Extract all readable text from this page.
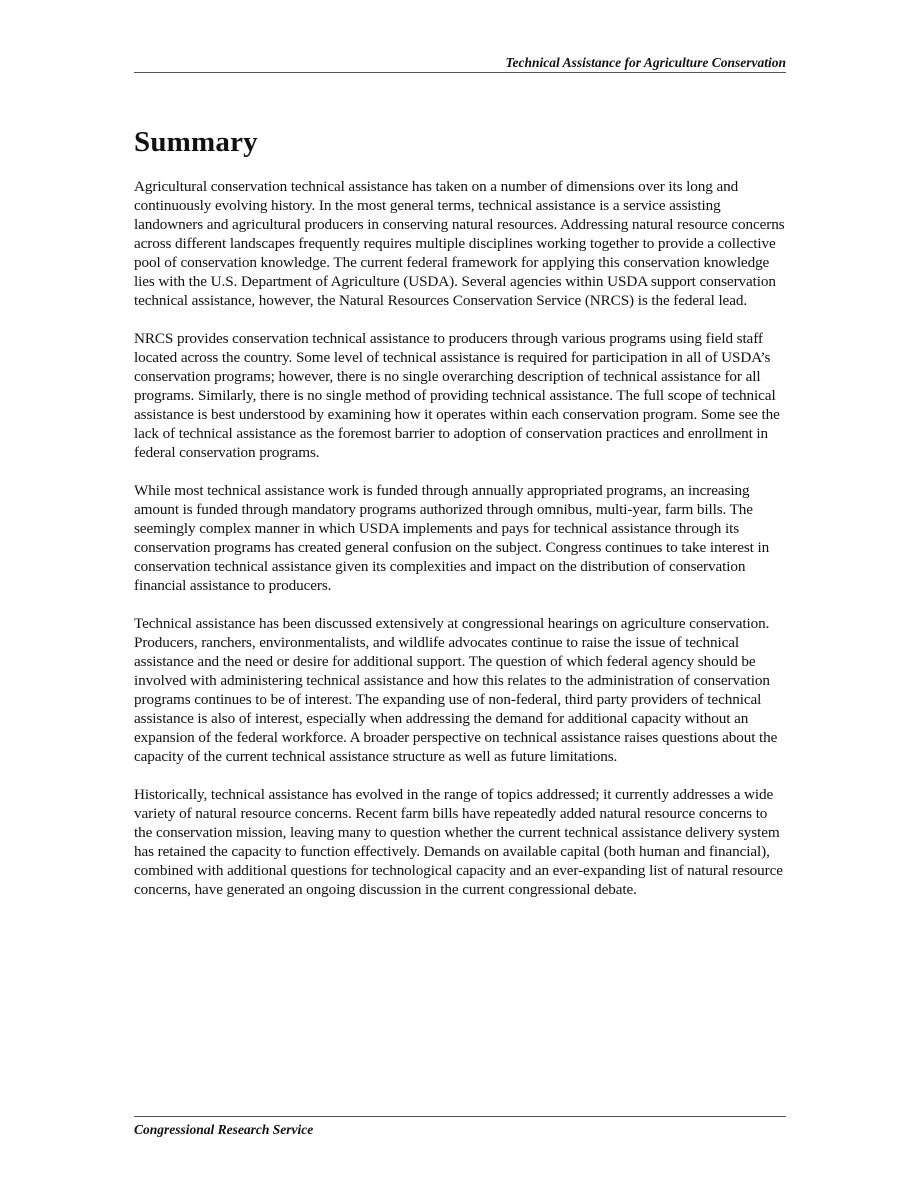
Technical Assistance for Agriculture Conservation
Summary

Agricultural conservation technical assistance has taken on a number of dimensions over its long and continuously evolving history. In the most general terms, technical assistance is a service assisting landowners and agricultural producers in conserving natural resources. Addressing natural resource concerns across different landscapes frequently requires multiple disciplines working together to provide a collective pool of conservation knowledge. The current federal framework for applying this conservation knowledge lies with the U.S. Department of Agriculture (USDA). Several agencies within USDA support conservation technical assistance, however, the Natural Resources Conservation Service (NRCS) is the federal lead.

NRCS provides conservation technical assistance to producers through various programs using field staff located across the country. Some level of technical assistance is required for participation in all of USDA’s conservation programs; however, there is no single overarching description of technical assistance for all programs. Similarly, there is no single method of providing technical assistance. The full scope of technical assistance is best understood by examining how it operates within each conservation program. Some see the lack of technical assistance as the foremost barrier to adoption of conservation practices and enrollment in federal conservation programs.

While most technical assistance work is funded through annually appropriated programs, an increasing amount is funded through mandatory programs authorized through omnibus, multi-year, farm bills. The seemingly complex manner in which USDA implements and pays for technical assistance through its conservation programs has created general confusion on the subject. Congress continues to take interest in conservation technical assistance given its complexities and impact on the distribution of conservation financial assistance to producers.

Technical assistance has been discussed extensively at congressional hearings on agriculture conservation. Producers, ranchers, environmentalists, and wildlife advocates continue to raise the issue of technical assistance and the need or desire for additional support. The question of which federal agency should be involved with administering technical assistance and how this relates to the administration of conservation programs continues to be of interest. The expanding use of non-federal, third party providers of technical assistance is also of interest, especially when addressing the demand for additional capacity without an expansion of the federal workforce. A broader perspective on technical assistance raises questions about the capacity of the current technical assistance structure as well as future limitations.

Historically, technical assistance has evolved in the range of topics addressed; it currently addresses a wide variety of natural resource concerns. Recent farm bills have repeatedly added natural resource concerns to the conservation mission, leaving many to question whether the current technical assistance delivery system has retained the capacity to function effectively. Demands on available capital (both human and financial), combined with additional questions for technological capacity and an ever-expanding list of natural resource concerns, have generated an ongoing discussion in the current congressional debate.

Congressional Research Service
